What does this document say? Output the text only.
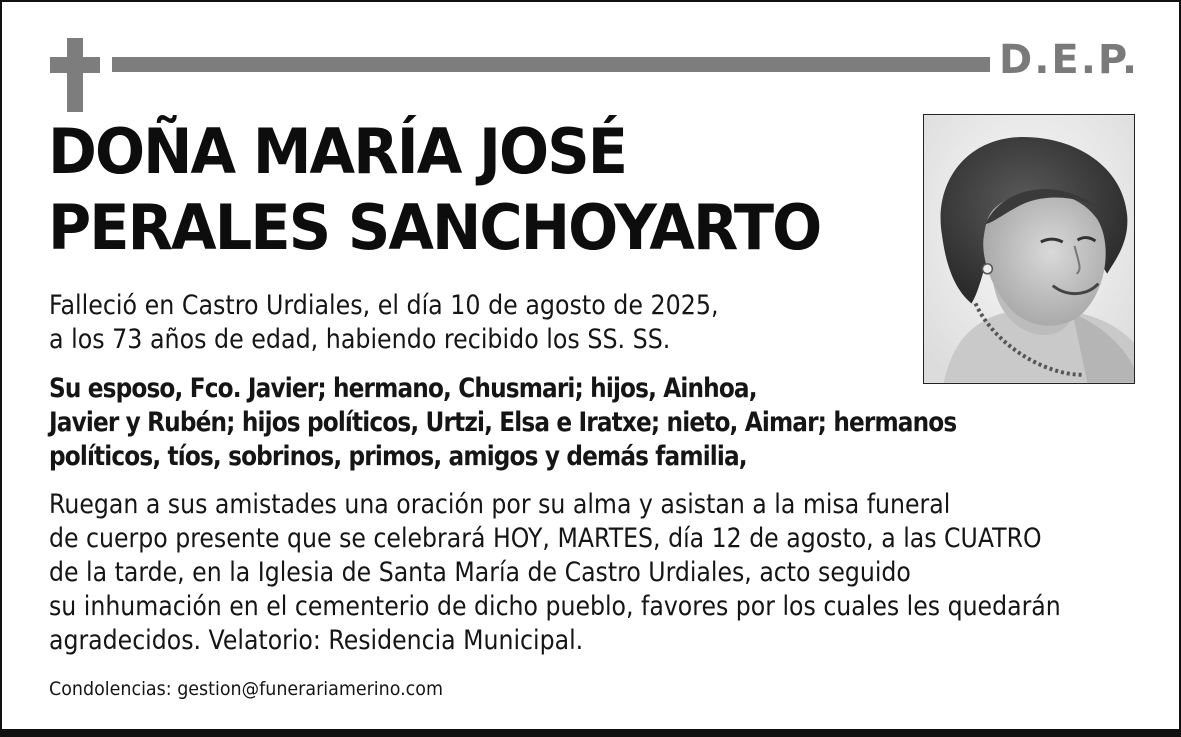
D.E.P.
DOÑA MARÍA JOSÉ
PERALES SANCHOYARTO

Falleció en Castro Urdiales, el día 10 de agosto de 2025,
a los 73 años de edad, habiendo recibido los SS. SS.

Su esposo, Fco. Javier; hermano, Chusmari; hijos, Ainhoa,
Javier y Rubén; hijos políticos, Urtzi, Elsa e Iratxe; nieto, Aimar; hermanos
políticos, tíos, sobrinos, primos, amigos y demás familia,

Ruegan a sus amistades una oración por su alma y asistan a la misa funeral
de cuerpo presente que se celebrará HOY, MARTES, día 12 de agosto, a las CUATRO
de la tarde, en la Iglesia de Santa María de Castro Urdiales, acto seguido
su inhumación en el cementerio de dicho pueblo, favores por los cuales les quedarán
agradecidos. Velatorio: Residencia Municipal.

Condolencias: gestion@funerariamerino.com
